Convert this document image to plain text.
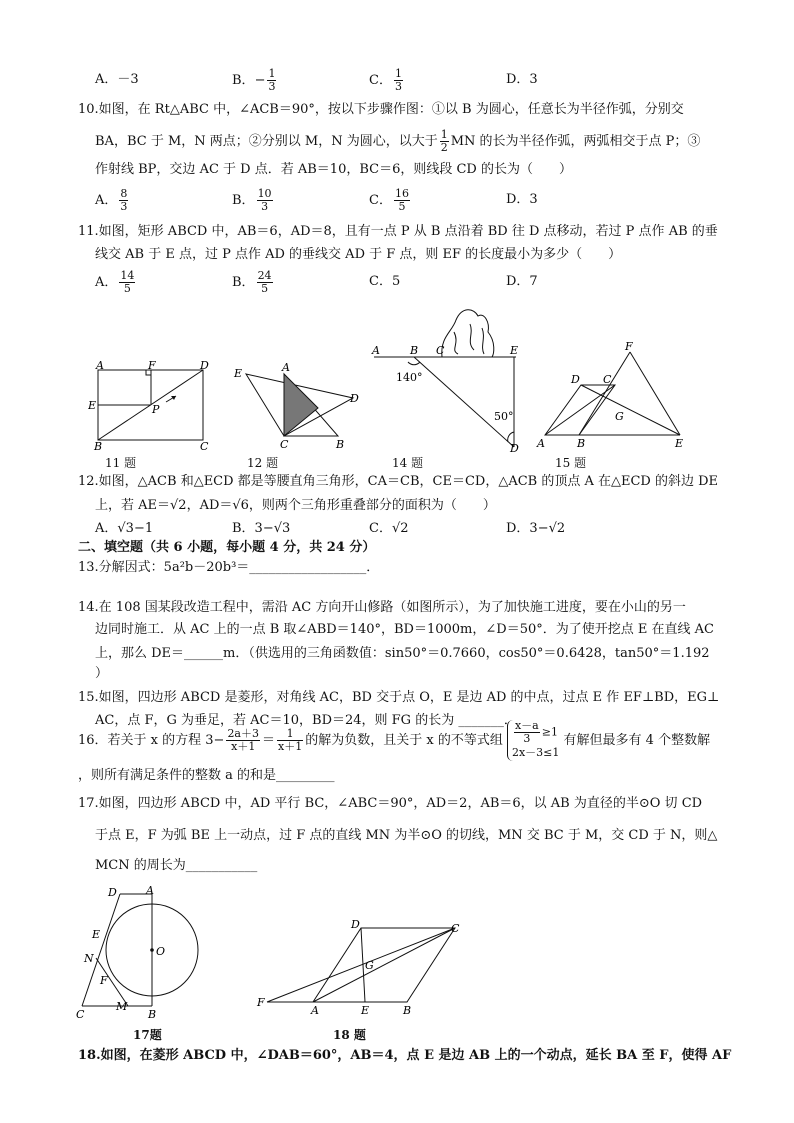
A．－3	B．− $\frac{1}{3}$	C． $\frac{1}{3}$	D．3
10.如图，在 Rt△ABC 中，∠ACB＝90°，按以下步骤作图：①以 B 为圆心，任意长为半径作弧，分别交
BA，BC 于 M，N 两点；②分别以 M，N 为圆心，以大于 $\frac{1}{2}$ MN 的长为半径作弧，两弧相交于点 P；③
作射线 BP，交边 AC 于 D 点．若 AB＝10，BC＝6，则线段 CD 的长为（　　）
A． $\frac{8}{3}$	B． $\frac{10}{3}$	C． $\frac{16}{5}$	D．3
11.如图，矩形 ABCD 中，AB＝6，AD＝8，且有一点 P 从 B 点沿着 BD 往 D 点移动，若过 P 点作 AB 的垂
线交 AB 于 E 点，过 P 点作 AD 的垂线交 AD 于 F 点，则 EF 的长度最小为多少（　　）
A． $\frac{14}{5}$	B． $\frac{24}{5}$	C．5	D．7
A	F	D
E	P
B	C
11 题
A
E
D
C	B
12 题
A	B C	E
140°
50°
D
14 题
F
D C
G
A	B	E
15 题
12.如图，△ACB 和△ECD 都是等腰直角三角形，CA＝CB，CE＝CD，△ACB 的顶点 A 在△ECD 的斜边 DE
上，若 AE＝√2，AD＝√6，则两个三角形重叠部分的面积为（　　）
A．√3−1	B．3−√3	C．√2	D．3−√2
二、填空题（共 6 小题，每小题 4 分，共 24 分）
13.分解因式：5a²b－20b³＝__________________．
14.在 108 国某段改造工程中，需沿 AC 方向开山修路（如图所示），为了加快施工进度，要在小山的另一
边同时施工．从 AC 上的一点 B 取∠ABD＝140°，BD＝1000m，∠D＝50°．为了使开挖点 E 在直线 AC
上，那么 DE＝______m．（供选用的三角函数值：sin50°＝0.7660，cos50°＝0.6428，tan50°＝1.192
）
15.如图，四边形 ABCD 是菱形，对角线 AC，BD 交于点 O，E 是边 AD 的中点，过点 E 作 EF⊥BD，EG⊥
AC，点 F，G 为垂足，若 AC＝10，BD＝24，则 FG 的长为 _______．
16．若关于 x 的方程 $3- \frac{2a+3}{x+1} = \frac{1}{x+1}$ 的解为负数，且关于 x 的不等式组 $\frac{x-a}{3} \ge 1$
2x－3≤1
有解但最多有 4 个整数解
，则所有满足条件的整数 a 的和是_________
17.如图，四边形 ABCD 中，AD 平行 BC，∠ABC＝90°，AD＝2，AB＝6，以 AB 为直径的半⊙O 切 CD
于点 E，F 为弧 BE 上一动点，过 F 点的直线 MN 为半⊙O 的切线，MN 交 BC 于 M，交 CD 于 N，则△
MCN 的周长为___________
D	A
E
O
N
F
C
M
B
17题
D	C
G
F
A	E	B
18 题
18.如图，在菱形 ABCD 中，∠DAB＝60°，AB＝4，点 E 是边 AB 上的一个动点，延长 BA 至 F，使得 AF
